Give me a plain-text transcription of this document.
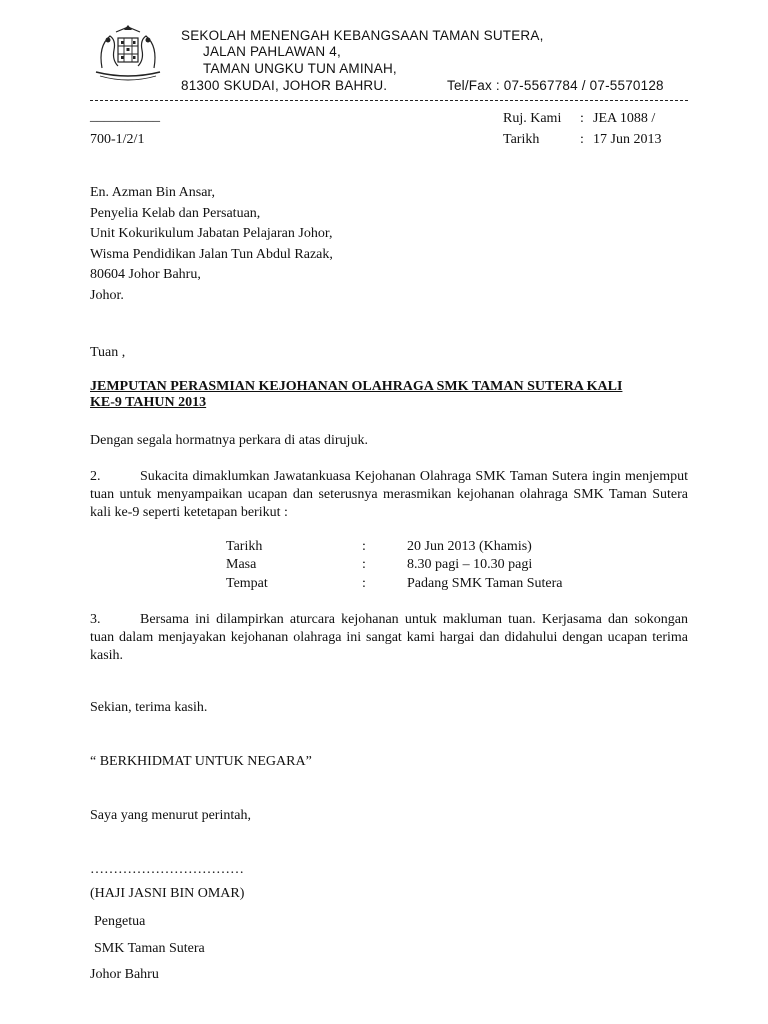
SEKOLAH MENENGAH KEBANGSAAN TAMAN SUTERA,
JALAN PAHLAWAN 4,
TAMAN UNGKU TUN AMINAH,
81300 SKUDAI, JOHOR BAHRU.	Tel/Fax : 07-5567784 / 07-5570128
__________
700-1/2/1
Ruj. Kami : JEA 1088 /
Tarikh	: 17 Jun 2013
En. Azman Bin Ansar,
Penyelia Kelab dan Persatuan,
Unit Kokurikulum Jabatan Pelajaran Johor,
Wisma Pendidikan Jalan Tun Abdul Razak,
80604 Johor Bahru,
Johor.
Tuan ,
JEMPUTAN PERASMIAN KEJOHANAN OLAHRAGA SMK TAMAN SUTERA KALI
KE-9 TAHUN 2013
Dengan segala hormatnya perkara di atas dirujuk.
2.	Sukacita dimaklumkan Jawatankuasa Kejohanan Olahraga SMK Taman Sutera ingin menjemput tuan untuk menyampaikan ucapan dan seterusnya merasmikan kejohanan olahraga SMK Taman Sutera kali ke-9 seperti ketetapan berikut :
Tarikh	:	20 Jun 2013 (Khamis)
Masa	:	8.30 pagi – 10.30 pagi
Tempat	:	Padang SMK Taman Sutera
3.	Bersama ini dilampirkan aturcara kejohanan untuk makluman tuan. Kerjasama dan sokongan tuan dalam menjayakan kejohanan olahraga ini sangat kami hargai dan didahului dengan ucapan terima kasih.
Sekian, terima kasih.
“ BERKHIDMAT UNTUK NEGARA”
Saya yang menurut perintah,
……………………………
(HAJI JASNI BIN OMAR)
Pengetua
SMK Taman Sutera
Johor Bahru
